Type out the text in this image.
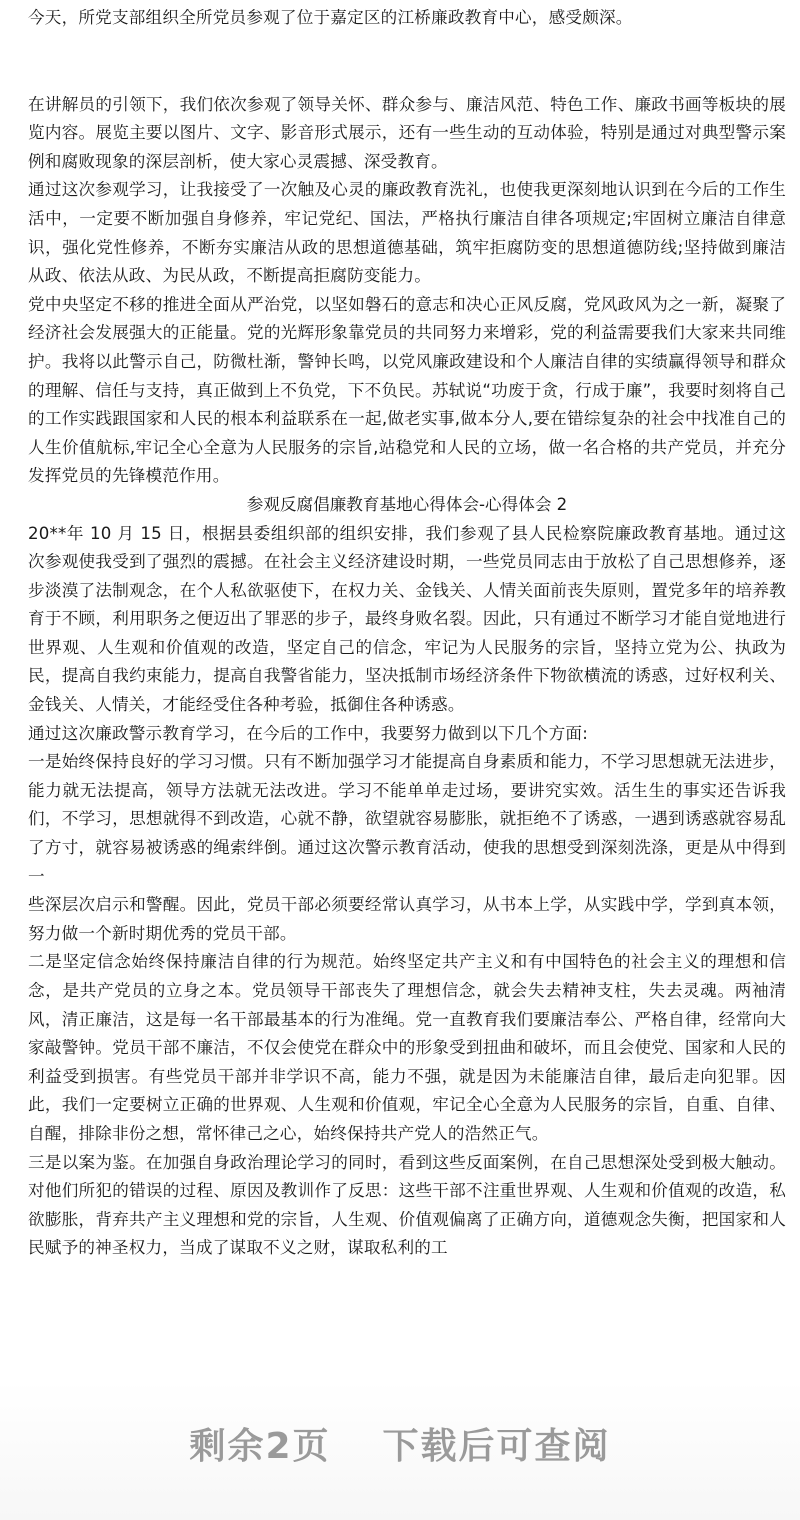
今天，所党支部组织全所党员参观了位于嘉定区的江桥廉政教育中心，感受颇深。

在讲解员的引领下，我们依次参观了领导关怀、群众参与、廉洁风范、特色工作、廉政书画等板块的展览内容。展览主要以图片、文字、影音形式展示，还有一些生动的互动体验，特别是通过对典型警示案例和腐败现象的深层剖析，使大家心灵震撼、深受教育。

通过这次参观学习，让我接受了一次触及心灵的廉政教育洗礼，也使我更深刻地认识到在今后的工作生活中，一定要不断加强自身修养，牢记党纪、国法，严格执行廉洁自律各项规定;牢固树立廉洁自律意识，强化党性修养，不断夯实廉洁从政的思想道德基础，筑牢拒腐防变的思想道德防线;坚持做到廉洁从政、依法从政、为民从政，不断提高拒腐防变能力。

党中央坚定不移的推进全面从严治党，以坚如磐石的意志和决心正风反腐，党风政风为之一新，凝聚了经济社会发展强大的正能量。党的光辉形象靠党员的共同努力来增彩，党的利益需要我们大家来共同维护。我将以此警示自己，防微杜渐，警钟长鸣，以党风廉政建设和个人廉洁自律的实绩赢得领导和群众的理解、信任与支持，真正做到上不负党，下不负民。苏轼说“功废于贪，行成于廉”，我要时刻将自己的工作实践跟国家和人民的根本利益联系在一起,做老实事,做本分人,要在错综复杂的社会中找准自己的人生价值航标,牢记全心全意为人民服务的宗旨,站稳党和人民的立场，做一名合格的共产党员，并充分发挥党员的先锋模范作用。

参观反腐倡廉教育基地心得体会-心得体会 2

20**年 10 月 15 日，根据县委组织部的组织安排，我们参观了县人民检察院廉政教育基地。通过这次参观使我受到了强烈的震撼。在社会主义经济建设时期，一些党员同志由于放松了自己思想修养，逐步淡漠了法制观念，在个人私欲驱使下，在权力关、金钱关、人情关面前丧失原则，置党多年的培养教育于不顾，利用职务之便迈出了罪恶的步子，最终身败名裂。因此，只有通过不断学习才能自觉地进行世界观、人生观和价值观的改造，坚定自己的信念，牢记为人民服务的宗旨，坚持立党为公、执政为民，提高自我约束能力，提高自我警省能力，坚决抵制市场经济条件下物欲横流的诱惑，过好权利关、金钱关、人情关，才能经受住各种考验，抵御住各种诱惑。

通过这次廉政警示教育学习，在今后的工作中，我要努力做到以下几个方面:

一是始终保持良好的学习习惯。只有不断加强学习才能提高自身素质和能力，不学习思想就无法进步，能力就无法提高，领导方法就无法改进。学习不能单单走过场，要讲究实效。活生生的事实还告诉我们，不学习，思想就得不到改造，心就不静，欲望就容易膨胀，就拒绝不了诱惑，一遇到诱惑就容易乱了方寸，就容易被诱惑的绳索绊倒。通过这次警示教育活动，使我的思想受到深刻洗涤，更是从中得到一

些深层次启示和警醒。因此，党员干部必须要经常认真学习，从书本上学，从实践中学，学到真本领，努力做一个新时期优秀的党员干部。

二是坚定信念始终保持廉洁自律的行为规范。始终坚定共产主义和有中国特色的社会主义的理想和信念，是共产党员的立身之本。党员领导干部丧失了理想信念，就会失去精神支柱，失去灵魂。两袖清风，清正廉洁，这是每一名干部最基本的行为准绳。党一直教育我们要廉洁奉公、严格自律，经常向大家敲警钟。党员干部不廉洁，不仅会使党在群众中的形象受到扭曲和破坏，而且会使党、国家和人民的利益受到损害。有些党员干部并非学识不高，能力不强，就是因为未能廉洁自律，最后走向犯罪。因此，我们一定要树立正确的世界观、人生观和价值观，牢记全心全意为人民服务的宗旨，自重、自律、自醒，排除非份之想，常怀律己之心，始终保持共产党人的浩然正气。

三是以案为鉴。在加强自身政治理论学习的同时，看到这些反面案例，在自己思想深处受到极大触动。对他们所犯的错误的过程、原因及教训作了反思：这些干部不注重世界观、人生观和价值观的改造，私欲膨胀，背弃共产主义理想和党的宗旨，人生观、价值观偏离了正确方向，道德观念失衡，把国家和人民赋予的神圣权力，当成了谋取不义之财，谋取私利的工

剩余2页 下载后可查阅
